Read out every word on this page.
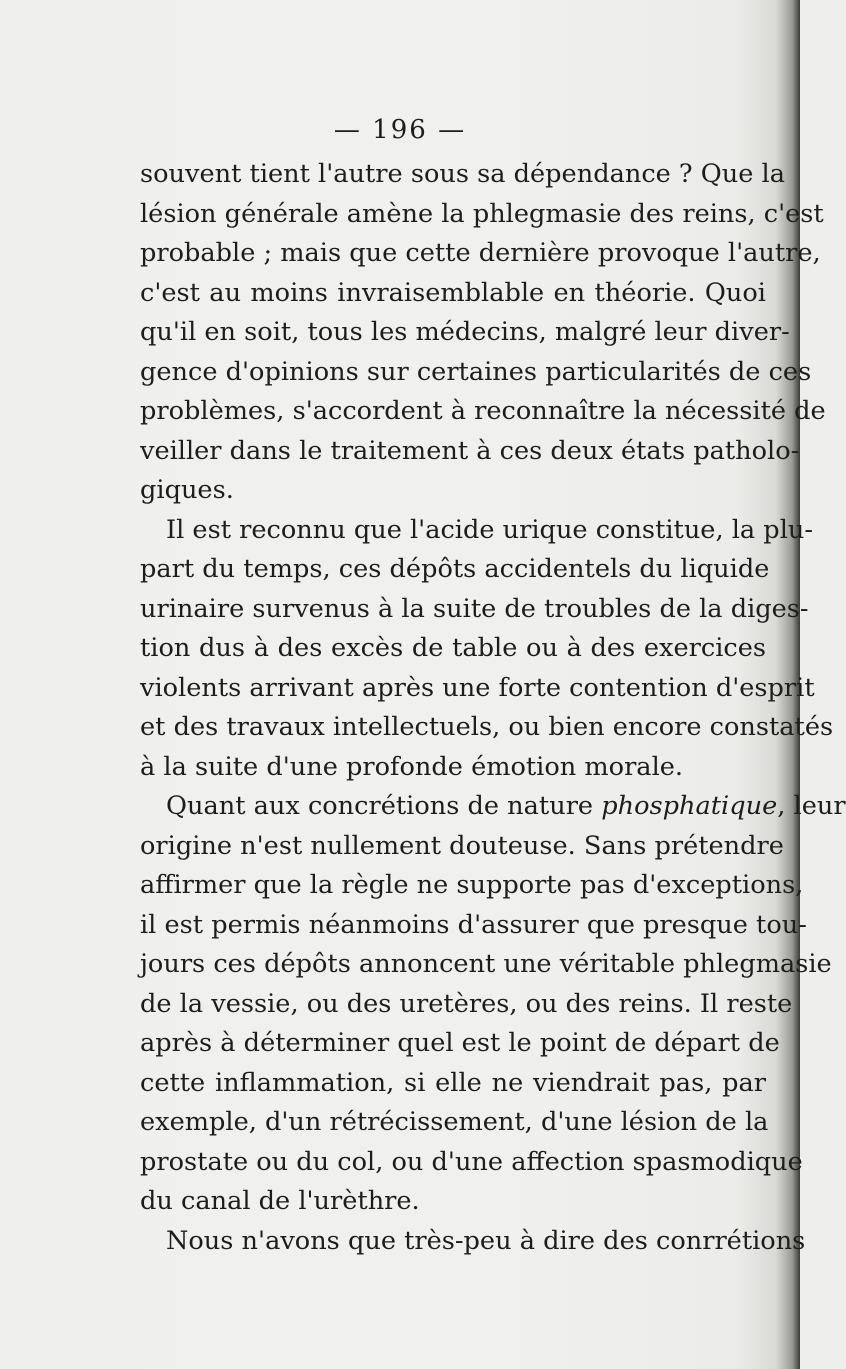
— 196 —
souvent tient l'autre sous sa dépendance ? Que la
lésion générale amène la phlegmasie des reins, c'est
probable ; mais que cette dernière provoque l'autre,
c'est au moins invraisemblable en théorie. Quoi
qu'il en soit, tous les médecins, malgré leur diver-
gence d'opinions sur certaines particularités de ces
problèmes, s'accordent à reconnaître la nécessité de
veiller dans le traitement à ces deux états patholo-
giques.
Il est reconnu que l'acide urique constitue, la plu-
part du temps, ces dépôts accidentels du liquide
urinaire survenus à la suite de troubles de la diges-
tion dus à des excès de table ou à des exercices
violents arrivant après une forte contention d'esprit
et des travaux intellectuels, ou bien encore constatés
à la suite d'une profonde émotion morale.
Quant aux concrétions de nature phosphatique, leur
origine n'est nullement douteuse. Sans prétendre
affirmer que la règle ne supporte pas d'exceptions,
il est permis néanmoins d'assurer que presque tou-
jours ces dépôts annoncent une véritable phlegmasie
de la vessie, ou des uretères, ou des reins. Il reste
après à déterminer quel est le point de départ de
cette inflammation, si elle ne viendrait pas, par
exemple, d'un rétrécissement, d'une lésion de la
prostate ou du col, ou d'une affection spasmodique
du canal de l'urèthre.
Nous n'avons que très-peu à dire des conrrétions
